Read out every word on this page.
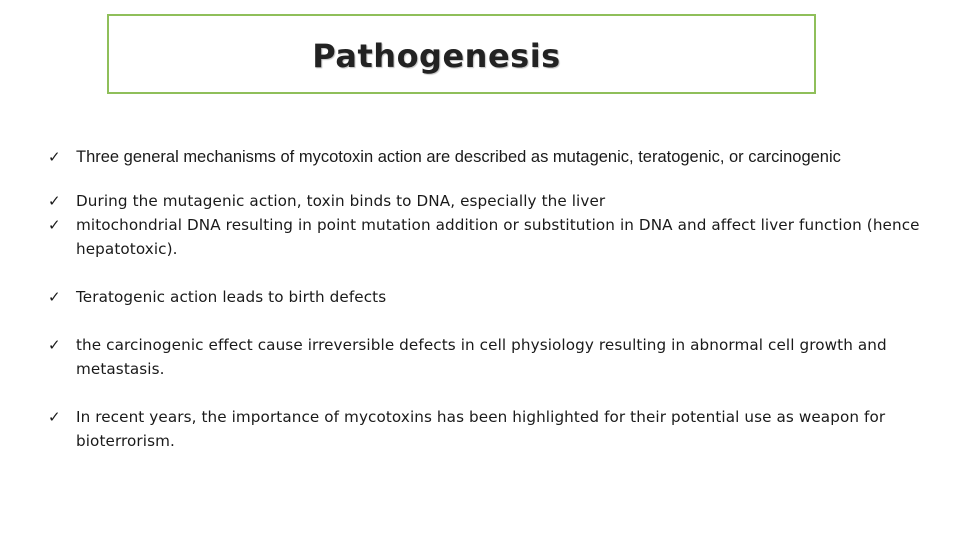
Pathogenesis
✓ Three general mechanisms of mycotoxin action are described as mutagenic, teratogenic, or carcinogenic
✓	During the mutagenic action, toxin binds to DNA, especially the liver
✓	mitochondrial DNA resulting in point mutation addition or substitution in DNA and affect liver function (hence hepatotoxic).
✓	Teratogenic action leads to birth defects
✓	the carcinogenic effect cause irreversible defects in cell physiology resulting in abnormal cell growth and metastasis.
✓	In recent years, the importance of mycotoxins has been highlighted for their potential use as weapon for bioterrorism.
